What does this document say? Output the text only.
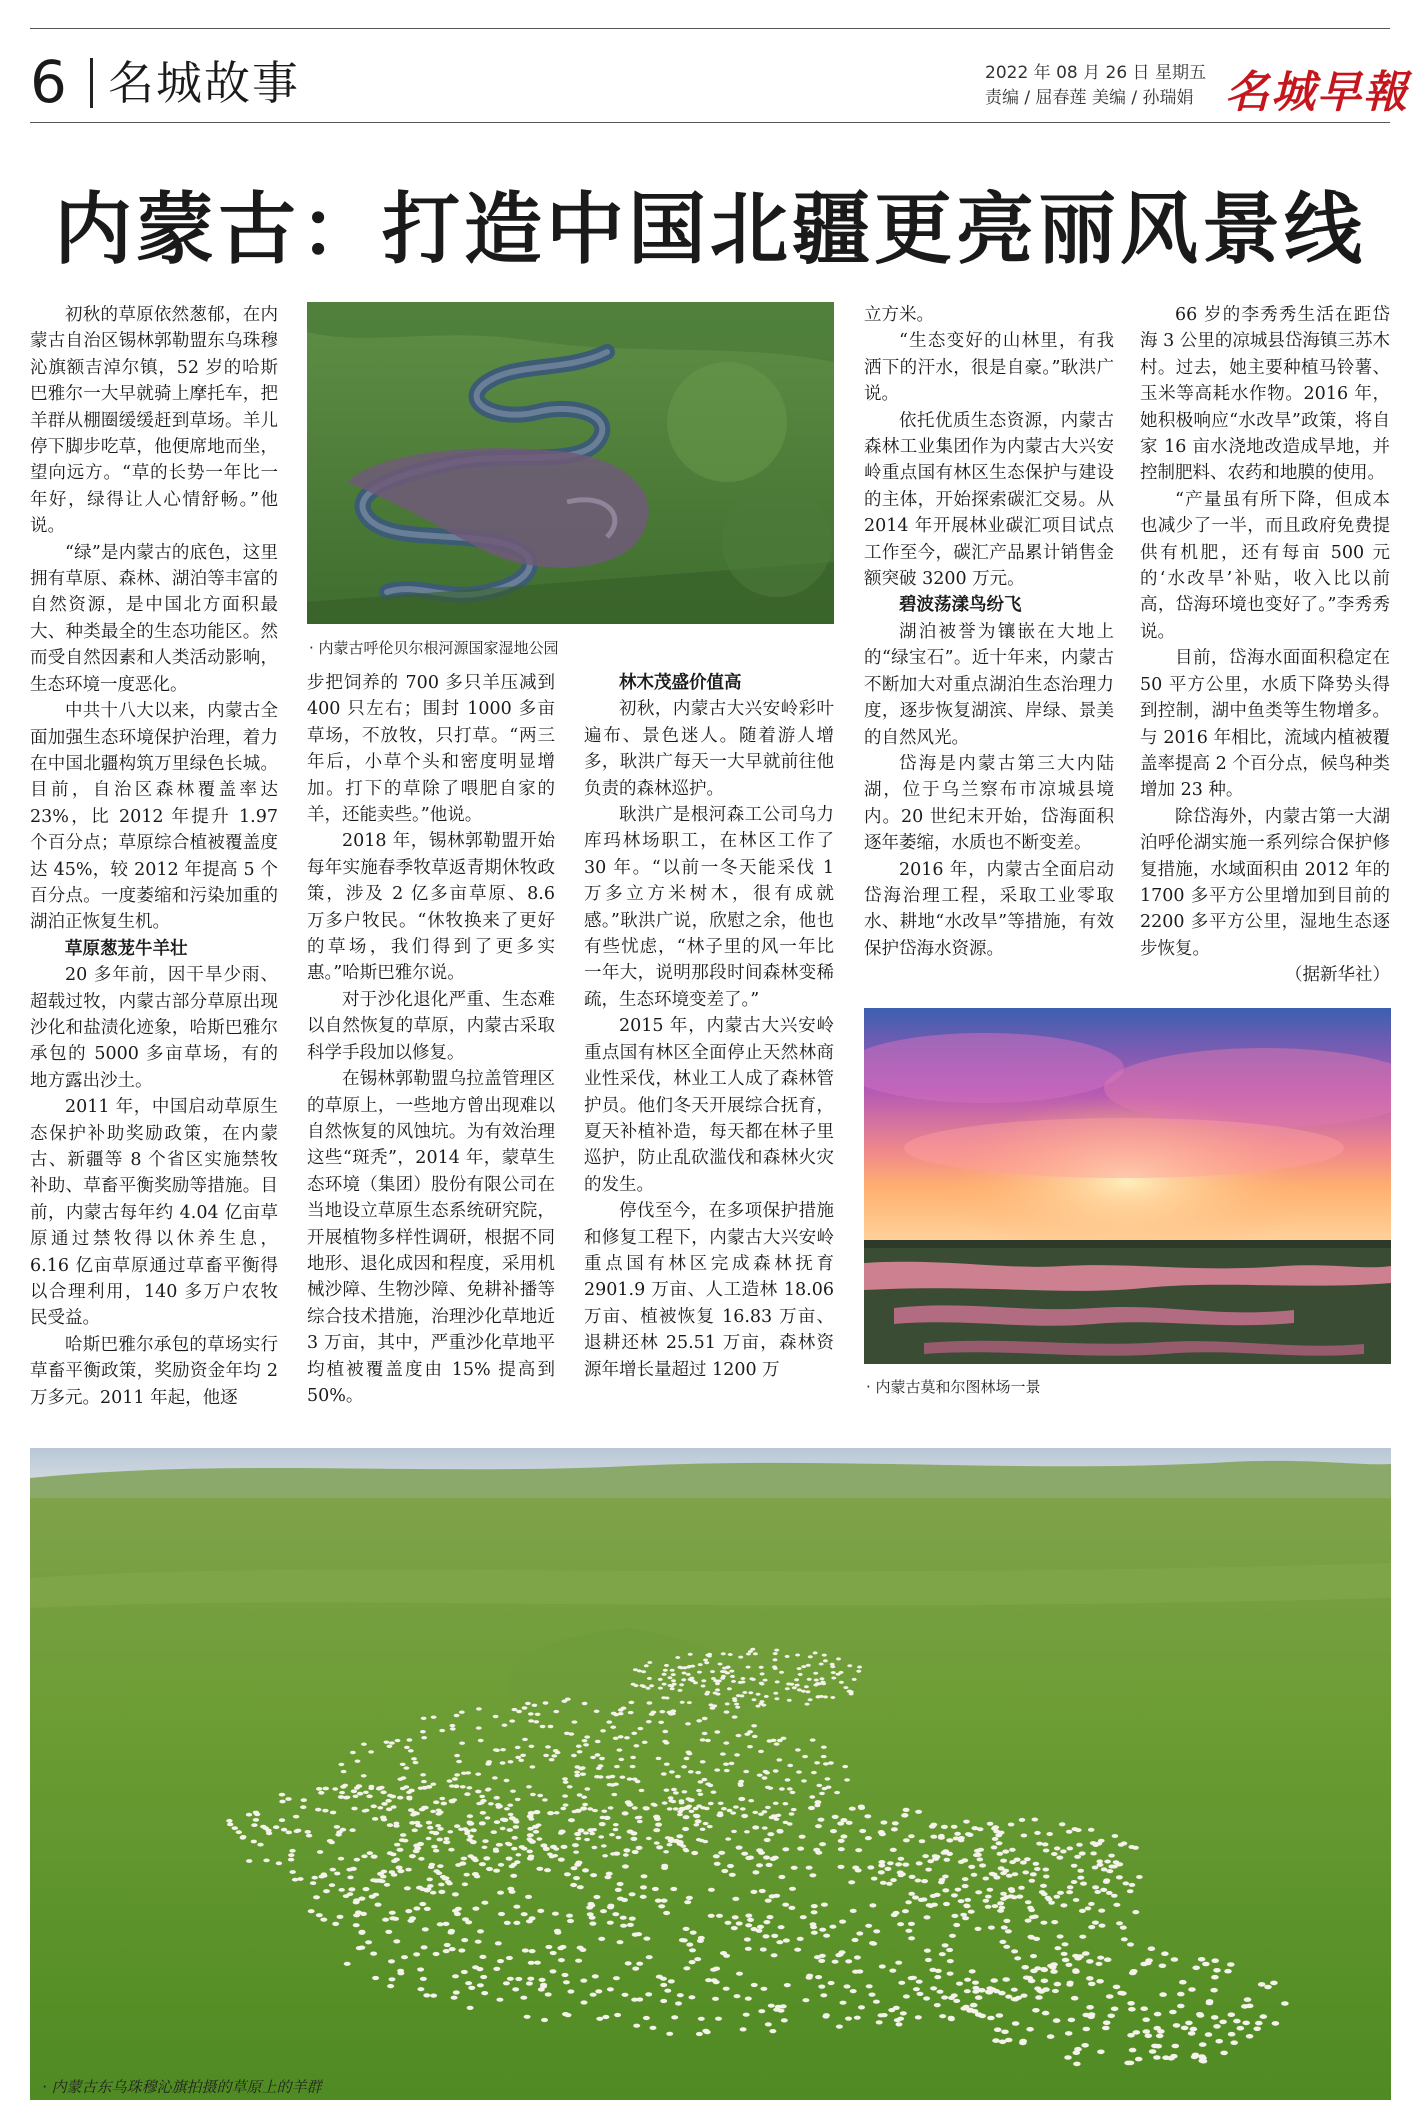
6 名城故事	2022 年 08 月 26 日 星期五
责编 / 屈春莲 美编 / 孙瑞娟 名城早報
内蒙古：打造中国北疆更亮丽风景线

初秋的草原依然葱郁，在内蒙古自治区锡林郭勒盟东乌珠穆沁旗额吉淖尔镇，52 岁的哈斯巴雅尔一大早就骑上摩托车，把羊群从棚圈缓缓赶到草场。羊儿停下脚步吃草，他便席地而坐，望向远方。“草的长势一年比一年好，绿得让人心情舒畅。”他说。

“绿”是内蒙古的底色，这里拥有草原、森林、湖泊等丰富的自然资源，是中国北方面积最大、种类最全的生态功能区。然而受自然因素和人类活动影响，生态环境一度恶化。

中共十八大以来，内蒙古全面加强生态环境保护治理，着力在中国北疆构筑万里绿色长城。目前，自治区森林覆盖率达 23%，比 2012 年提升 1.97 个百分点；草原综合植被覆盖度达 45%，较 2012 年提高 5 个百分点。一度萎缩和污染加重的湖泊正恢复生机。

草原葱茏牛羊壮

20 多年前，因干旱少雨、超载过牧，内蒙古部分草原出现沙化和盐渍化迹象，哈斯巴雅尔承包的 5000 多亩草场，有的地方露出沙土。

2011 年，中国启动草原生态保护补助奖励政策，在内蒙古、新疆等 8 个省区实施禁牧补助、草畜平衡奖励等措施。目前，内蒙古每年约 4.04 亿亩草原通过禁牧得以休养生息，6.16 亿亩草原通过草畜平衡得以合理利用，140 多万户农牧民受益。

哈斯巴雅尔承包的草场实行草畜平衡政策，奖励资金年均 2 万多元。2011 年起，他逐

· 内蒙古呼伦贝尔根河源国家湿地公园

步把饲养的 700 多只羊压减到 400 只左右；围封 1000 多亩草场，不放牧，只打草。“两三年后，小草个头和密度明显增加。打下的草除了喂肥自家的羊，还能卖些。”他说。

2018 年，锡林郭勒盟开始每年实施春季牧草返青期休牧政策，涉及 2 亿多亩草原、8.6 万多户牧民。“休牧换来了更好的草场，我们得到了更多实惠。”哈斯巴雅尔说。

对于沙化退化严重、生态难以自然恢复的草原，内蒙古采取科学手段加以修复。

在锡林郭勒盟乌拉盖管理区的草原上，一些地方曾出现难以自然恢复的风蚀坑。为有效治理这些“斑秃”，2014 年，蒙草生态环境（集团）股份有限公司在当地设立草原生态系统研究院，开展植物多样性调研，根据不同地形、退化成因和程度，采用机械沙障、生物沙障、免耕补播等综合技术措施，治理沙化草地近 3 万亩，其中，严重沙化草地平均植被覆盖度由 15% 提高到 50%。

林木茂盛价值高

初秋，内蒙古大兴安岭彩叶遍布、景色迷人。随着游人增多，耿洪广每天一大早就前往他负责的森林巡护。

耿洪广是根河森工公司乌力库玛林场职工，在林区工作了 30 年。“以前一冬天能采伐 1 万多立方米树木，很有成就感。”耿洪广说，欣慰之余，他也有些忧虑，“林子里的风一年比一年大，说明那段时间森林变稀疏，生态环境变差了。”

2015 年，内蒙古大兴安岭重点国有林区全面停止天然林商业性采伐，林业工人成了森林管护员。他们冬天开展综合抚育，夏天补植补造，每天都在林子里巡护，防止乱砍滥伐和森林火灾的发生。

停伐至今，在多项保护措施和修复工程下，内蒙古大兴安岭重点国有林区完成森林抚育 2901.9 万亩、人工造林 18.06 万亩、植被恢复 16.83 万亩、退耕还林 25.51 万亩，森林资源年增长量超过 1200 万

立方米。

“生态变好的山林里，有我洒下的汗水，很是自豪。”耿洪广说。

依托优质生态资源，内蒙古森林工业集团作为内蒙古大兴安岭重点国有林区生态保护与建设的主体，开始探索碳汇交易。从 2014 年开展林业碳汇项目试点工作至今，碳汇产品累计销售金额突破 3200 万元。

碧波荡漾鸟纷飞

湖泊被誉为镶嵌在大地上的“绿宝石”。近十年来，内蒙古不断加大对重点湖泊生态治理力度，逐步恢复湖滨、岸绿、景美的自然风光。

岱海是内蒙古第三大内陆湖，位于乌兰察布市凉城县境内。20 世纪末开始，岱海面积逐年萎缩，水质也不断变差。

2016 年，内蒙古全面启动岱海治理工程，采取工业零取水、耕地“水改旱”等措施，有效保护岱海水资源。

66 岁的李秀秀生活在距岱海 3 公里的凉城县岱海镇三苏木村。过去，她主要种植马铃薯、玉米等高耗水作物。2016 年，她积极响应“水改旱”政策，将自家 16 亩水浇地改造成旱地，并控制肥料、农药和地膜的使用。

“产量虽有所下降，但成本也减少了一半，而且政府免费提供有机肥，还有每亩 500 元的‘水改旱’补贴，收入比以前高，岱海环境也变好了。”李秀秀说。

目前，岱海水面面积稳定在 50 平方公里，水质下降势头得到控制，湖中鱼类等生物增多。与 2016 年相比，流域内植被覆盖率提高 2 个百分点，候鸟种类增加 23 种。

除岱海外，内蒙古第一大湖泊呼伦湖实施一系列综合保护修复措施，水域面积由 2012 年的 1700 多平方公里增加到目前的 2200 多平方公里，湿地生态逐步恢复。

（据新华社）

· 内蒙古莫和尔图林场一景
· 内蒙古东乌珠穆沁旗拍摄的草原上的羊群
